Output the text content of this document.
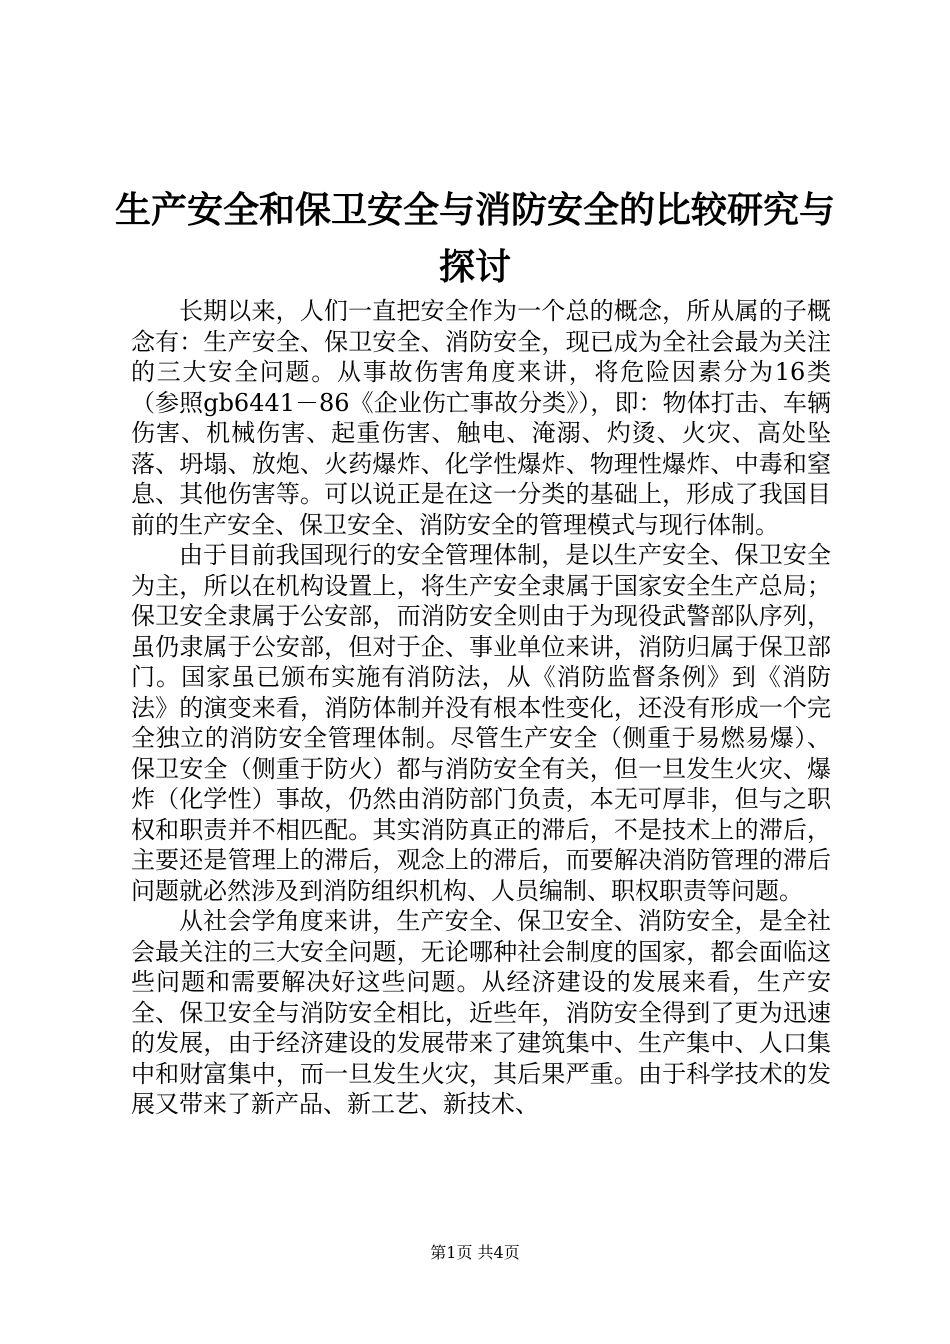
生产安全和保卫安全与消防安全的比较研究与
探讨

长期以来，人们一直把安全作为一个总的概念，所从属的子概念有：生产安全、保卫安全、消防安全，现已成为全社会最为关注的三大安全问题。从事故伤害角度来讲，将危险因素分为16类（参照gb6441－86《企业伤亡事故分类》），即：物体打击、车辆伤害、机械伤害、起重伤害、触电、淹溺、灼烫、火灾、高处坠落、坍塌、放炮、火药爆炸、化学性爆炸、物理性爆炸、中毒和窒息、其他伤害等。可以说正是在这一分类的基础上，形成了我国目前的生产安全、保卫安全、消防安全的管理模式与现行体制。

由于目前我国现行的安全管理体制，是以生产安全、保卫安全为主，所以在机构设置上，将生产安全隶属于国家安全生产总局；保卫安全隶属于公安部，而消防安全则由于为现役武警部队序列，虽仍隶属于公安部，但对于企、事业单位来讲，消防归属于保卫部门。国家虽已颁布实施有消防法，从《消防监督条例》到《消防法》的演变来看，消防体制并没有根本性变化，还没有形成一个完全独立的消防安全管理体制。尽管生产安全（侧重于易燃易爆）、保卫安全（侧重于防火）都与消防安全有关，但一旦发生火灾、爆炸（化学性）事故，仍然由消防部门负责，本无可厚非，但与之职权和职责并不相匹配。其实消防真正的滞后，不是技术上的滞后，主要还是管理上的滞后，观念上的滞后，而要解决消防管理的滞后问题就必然涉及到消防组织机构、人员编制、职权职责等问题。

从社会学角度来讲，生产安全、保卫安全、消防安全，是全社会最关注的三大安全问题，无论哪种社会制度的国家，都会面临这些问题和需要解决好这些问题。从经济建设的发展来看，生产安全、保卫安全与消防安全相比，近些年，消防安全得到了更为迅速的发展，由于经济建设的发展带来了建筑集中、生产集中、人口集中和财富集中，而一旦发生火灾，其后果严重。由于科学技术的发展又带来了新产品、新工艺、新技术、

第1页 共4页
